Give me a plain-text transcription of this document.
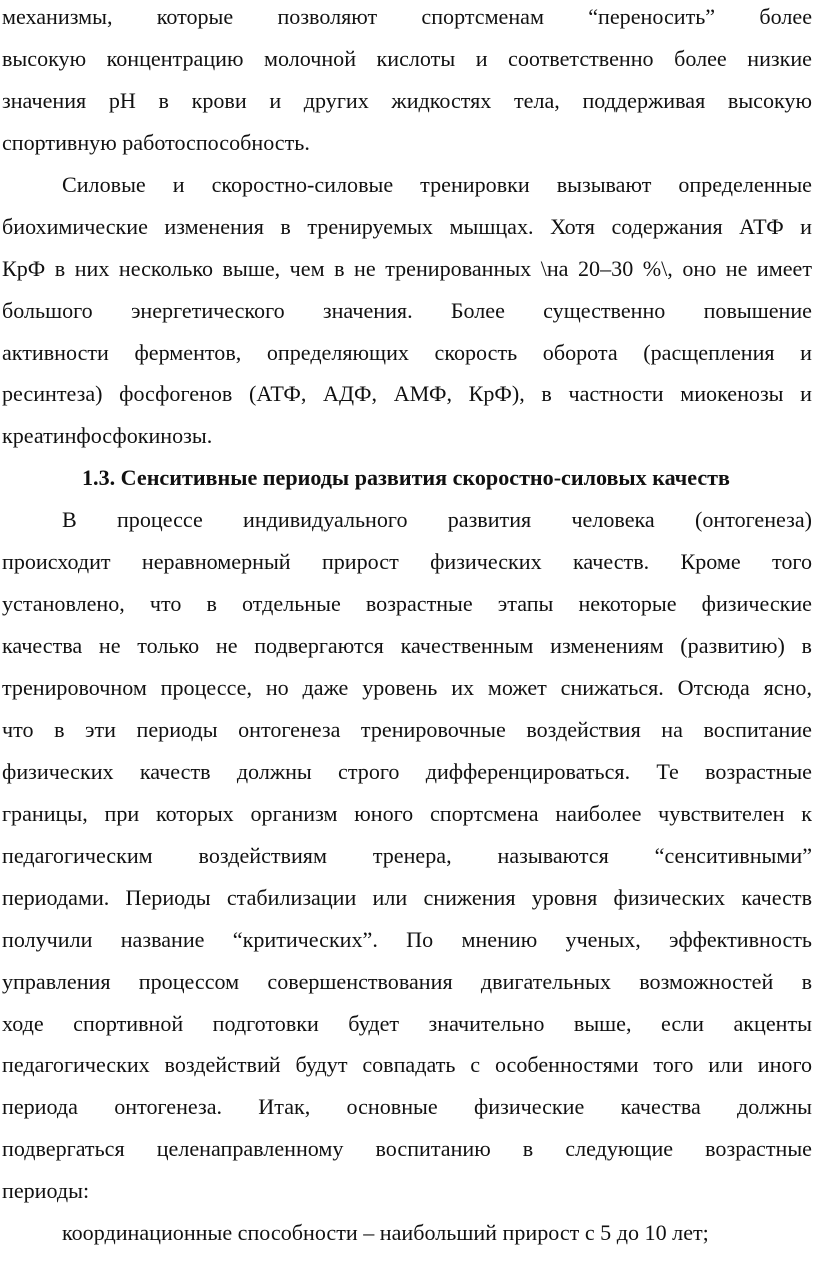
механизмы, которые позволяют спортсменам “переносить” более
высокую концентрацию молочной кислоты и соответственно более низкие
значения pH в крови и других жидкостях тела, поддерживая высокую
спортивную работоспособность.
Силовые и скоростно-силовые тренировки вызывают определенные
биохимические изменения в тренируемых мышцах. Хотя содержания АТФ и
КрФ в них несколько выше, чем в не тренированных \на 20–30 %\, оно не имеет
большого энергетического значения. Более существенно повышение
активности ферментов, определяющих скорость оборота (расщепления и
ресинтеза) фосфогенов (АТФ, АДФ, АМФ, КрФ), в частности миокенозы и
креатинфосфокинозы.
1.3. Сенситивные периоды развития скоростно-силовых качеств
В процессе индивидуального развития человека (онтогенеза)
происходит неравномерный прирост физических качеств. Кроме того
установлено, что в отдельные возрастные этапы некоторые физические
качества не только не подвергаются качественным изменениям (развитию) в
тренировочном процессе, но даже уровень их может снижаться. Отсюда ясно,
что в эти периоды онтогенеза тренировочные воздействия на воспитание
физических качеств должны строго дифференцироваться. Те возрастные
границы, при которых организм юного спортсмена наиболее чувствителен к
педагогическим воздействиям тренера, называются “сенситивными”
периодами. Периоды стабилизации или снижения уровня физических качеств
получили название “критических”. По мнению ученых, эффективность
управления процессом совершенствования двигательных возможностей в
ходе спортивной подготовки будет значительно выше, если акценты
педагогических воздействий будут совпадать с особенностями того или иного
периода онтогенеза. Итак, основные физические качества должны
подвергаться целенаправленному воспитанию в следующие возрастные
периоды:
координационные способности – наибольший прирост с 5 до 10 лет;
